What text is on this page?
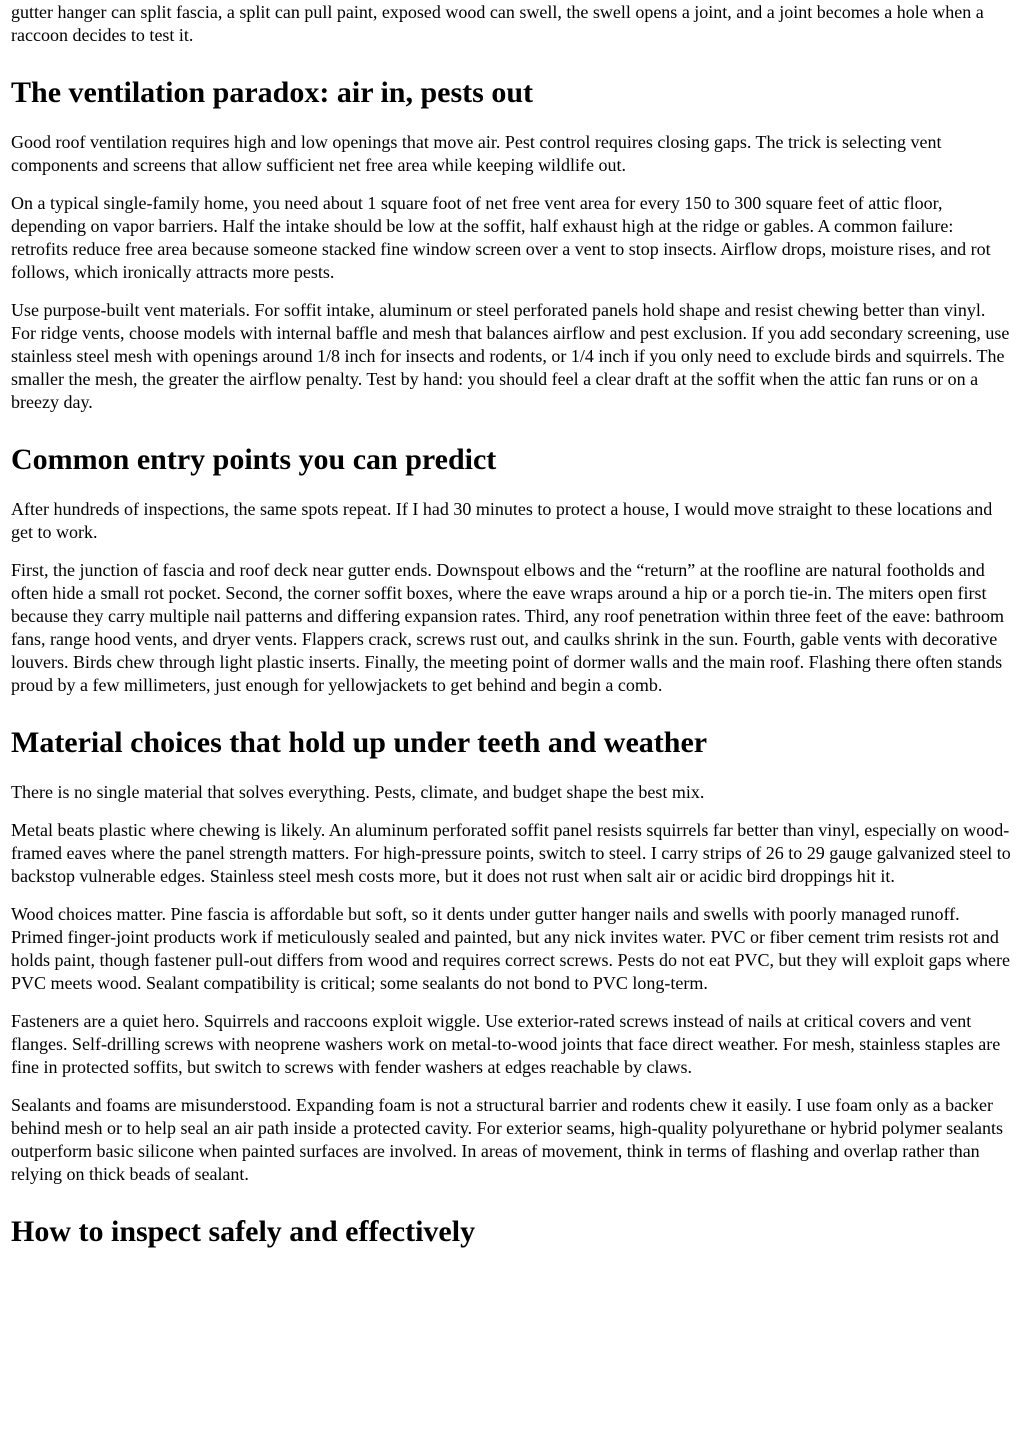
gutter hanger can split fascia, a split can pull paint, exposed wood can swell, the swell opens a joint, and a joint becomes a hole when a raccoon decides to test it.

The ventilation paradox: air in, pests out

Good roof ventilation requires high and low openings that move air. Pest control requires closing gaps. The trick is selecting vent components and screens that allow sufficient net free area while keeping wildlife out.

On a typical single-family home, you need about 1 square foot of net free vent area for every 150 to 300 square feet of attic floor, depending on vapor barriers. Half the intake should be low at the soffit, half exhaust high at the ridge or gables. A common failure: retrofits reduce free area because someone stacked fine window screen over a vent to stop insects. Airflow drops, moisture rises, and rot follows, which ironically attracts more pests.

Use purpose-built vent materials. For soffit intake, aluminum or steel perforated panels hold shape and resist chewing better than vinyl. For ridge vents, choose models with internal baffle and mesh that balances airflow and pest exclusion. If you add secondary screening, use stainless steel mesh with openings around 1/8 inch for insects and rodents, or 1/4 inch if you only need to exclude birds and squirrels. The smaller the mesh, the greater the airflow penalty. Test by hand: you should feel a clear draft at the soffit when the attic fan runs or on a breezy day.

Common entry points you can predict

After hundreds of inspections, the same spots repeat. If I had 30 minutes to protect a house, I would move straight to these locations and get to work.

First, the junction of fascia and roof deck near gutter ends. Downspout elbows and the “return” at the roofline are natural footholds and often hide a small rot pocket. Second, the corner soffit boxes, where the eave wraps around a hip or a porch tie-in. The miters open first because they carry multiple nail patterns and differing expansion rates. Third, any roof penetration within three feet of the eave: bathroom fans, range hood vents, and dryer vents. Flappers crack, screws rust out, and caulks shrink in the sun. Fourth, gable vents with decorative louvers. Birds chew through light plastic inserts. Finally, the meeting point of dormer walls and the main roof. Flashing there often stands proud by a few millimeters, just enough for yellowjackets to get behind and begin a comb.

Material choices that hold up under teeth and weather

There is no single material that solves everything. Pests, climate, and budget shape the best mix.

Metal beats plastic where chewing is likely. An aluminum perforated soffit panel resists squirrels far better than vinyl, especially on wood-framed eaves where the panel strength matters. For high-pressure points, switch to steel. I carry strips of 26 to 29 gauge galvanized steel to backstop vulnerable edges. Stainless steel mesh costs more, but it does not rust when salt air or acidic bird droppings hit it.

Wood choices matter. Pine fascia is affordable but soft, so it dents under gutter hanger nails and swells with poorly managed runoff. Primed finger-joint products work if meticulously sealed and painted, but any nick invites water. PVC or fiber cement trim resists rot and holds paint, though fastener pull-out differs from wood and requires correct screws. Pests do not eat PVC, but they will exploit gaps where PVC meets wood. Sealant compatibility is critical; some sealants do not bond to PVC long-term.

Fasteners are a quiet hero. Squirrels and raccoons exploit wiggle. Use exterior-rated screws instead of nails at critical covers and vent flanges. Self-drilling screws with neoprene washers work on metal-to-wood joints that face direct weather. For mesh, stainless staples are fine in protected soffits, but switch to screws with fender washers at edges reachable by claws.

Sealants and foams are misunderstood. Expanding foam is not a structural barrier and rodents chew it easily. I use foam only as a backer behind mesh or to help seal an air path inside a protected cavity. For exterior seams, high-quality polyurethane or hybrid polymer sealants outperform basic silicone when painted surfaces are involved. In areas of movement, think in terms of flashing and overlap rather than relying on thick beads of sealant.

How to inspect safely and effectively
